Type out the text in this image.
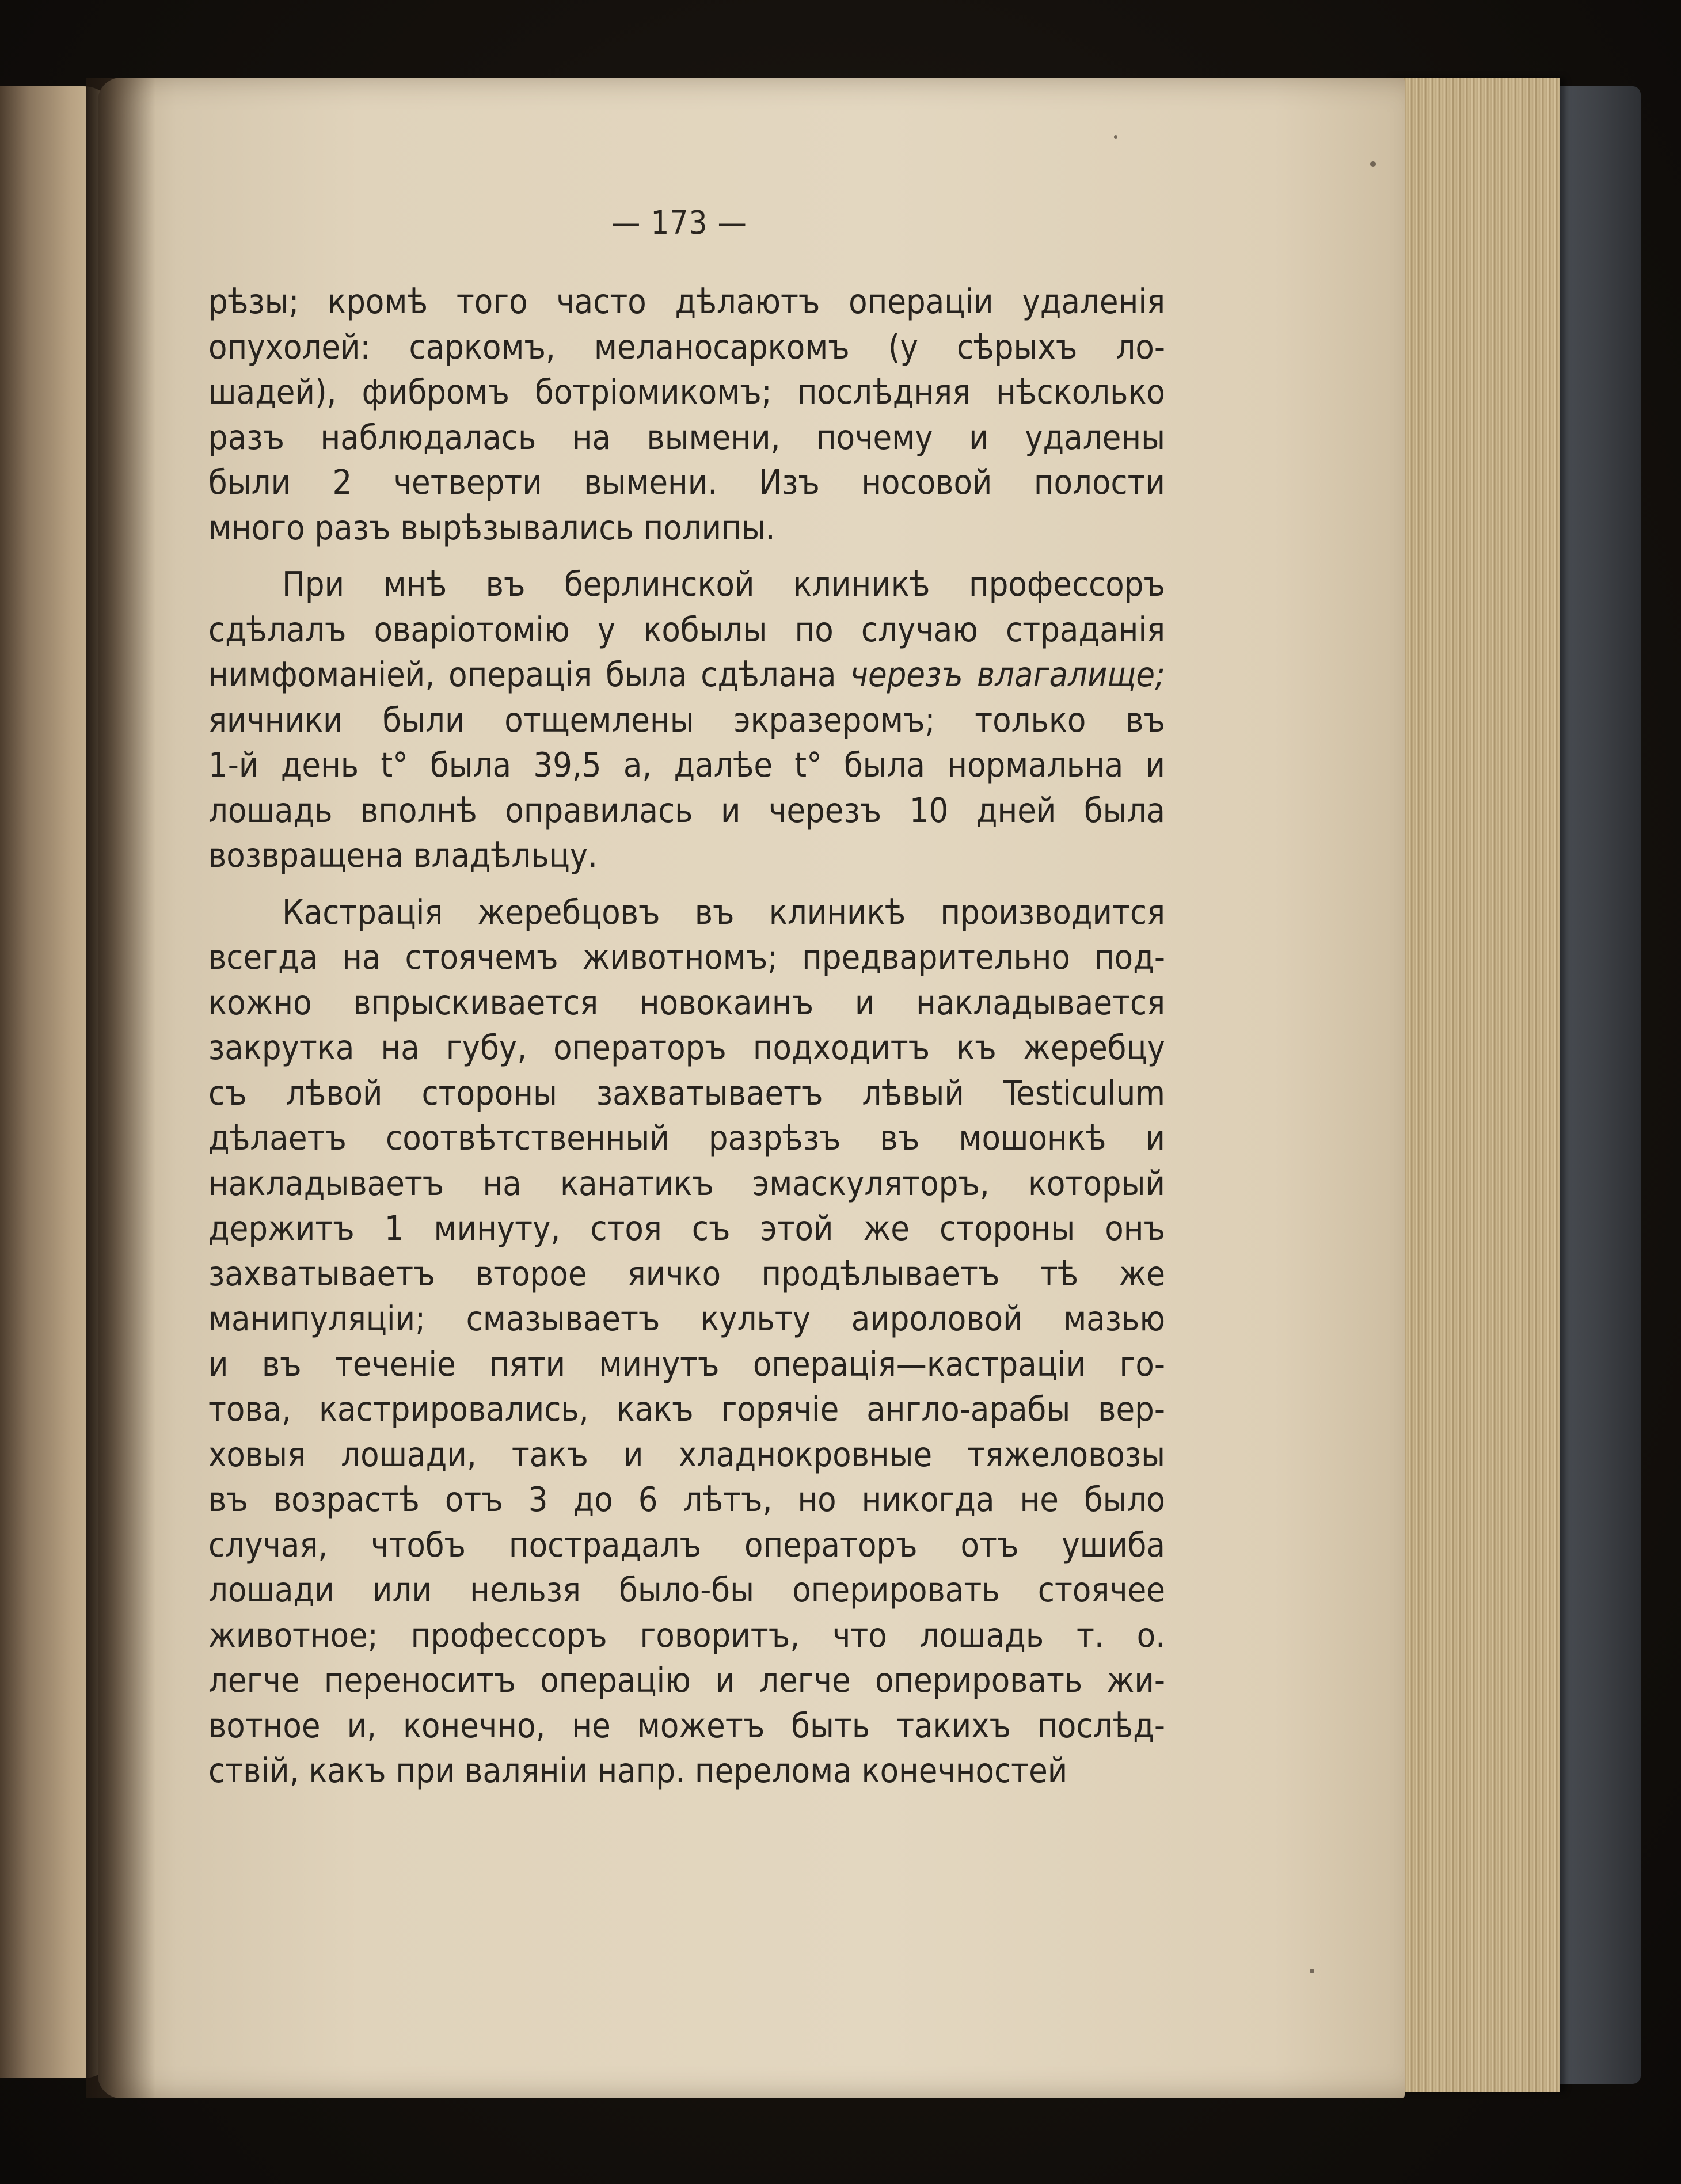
— 173 —
рѣзы; кромѣ того часто дѣлаютъ операціи удаленія
опухолей: саркомъ, меланосаркомъ (у сѣрыхъ ло-
шадей), фибромъ ботріомикомъ; послѣдняя нѣсколько
разъ наблюдалась на вымени, почему и удалены
были 2 четверти вымени. Изъ носовой полости
много разъ вырѣзывались полипы.
При мнѣ въ берлинской клиникѣ профессоръ
сдѣлалъ оваріотомію у кобылы по случаю страданія
нимфоманіей, операція была сдѣлана черезъ влагалище;
яичники были отщемлены экразеромъ; только въ
1-й день t° была 39,5 а, далѣе t° была нормальна и
лошадь вполнѣ оправилась и черезъ 10 дней была
возвращена владѣльцу.
Кастрація жеребцовъ въ клиникѣ производится
всегда на стоячемъ животномъ; предварительно под-
кожно впрыскивается новокаинъ и накладывается
закрутка на губу, операторъ подходитъ къ жеребцу
съ лѣвой стороны захватываетъ лѣвый Testiculum
дѣлаетъ соотвѣтственный разрѣзъ въ мошонкѣ и
накладываетъ на канатикъ эмаскуляторъ, который
держитъ 1 минуту, стоя съ этой же стороны онъ
захватываетъ второе яичко продѣлываетъ тѣ же
манипуляціи; смазываетъ культу аироловой мазью
и въ теченіе пяти минутъ операція—кастраціи го-
това, кастрировались, какъ горячіе англо-арабы вер-
ховыя лошади, такъ и хладнокровные тяжеловозы
въ возрастѣ отъ 3 до 6 лѣтъ, но никогда не было
случая, чтобъ пострадалъ операторъ отъ ушиба
лошади или нельзя было-бы оперировать стоячее
животное; профессоръ говоритъ, что лошадь т. о.
легче переноситъ операцію и легче оперировать жи-
вотное и, конечно, не можетъ быть такихъ послѣд-
ствій, какъ при валяніи напр. перелома конечностей
